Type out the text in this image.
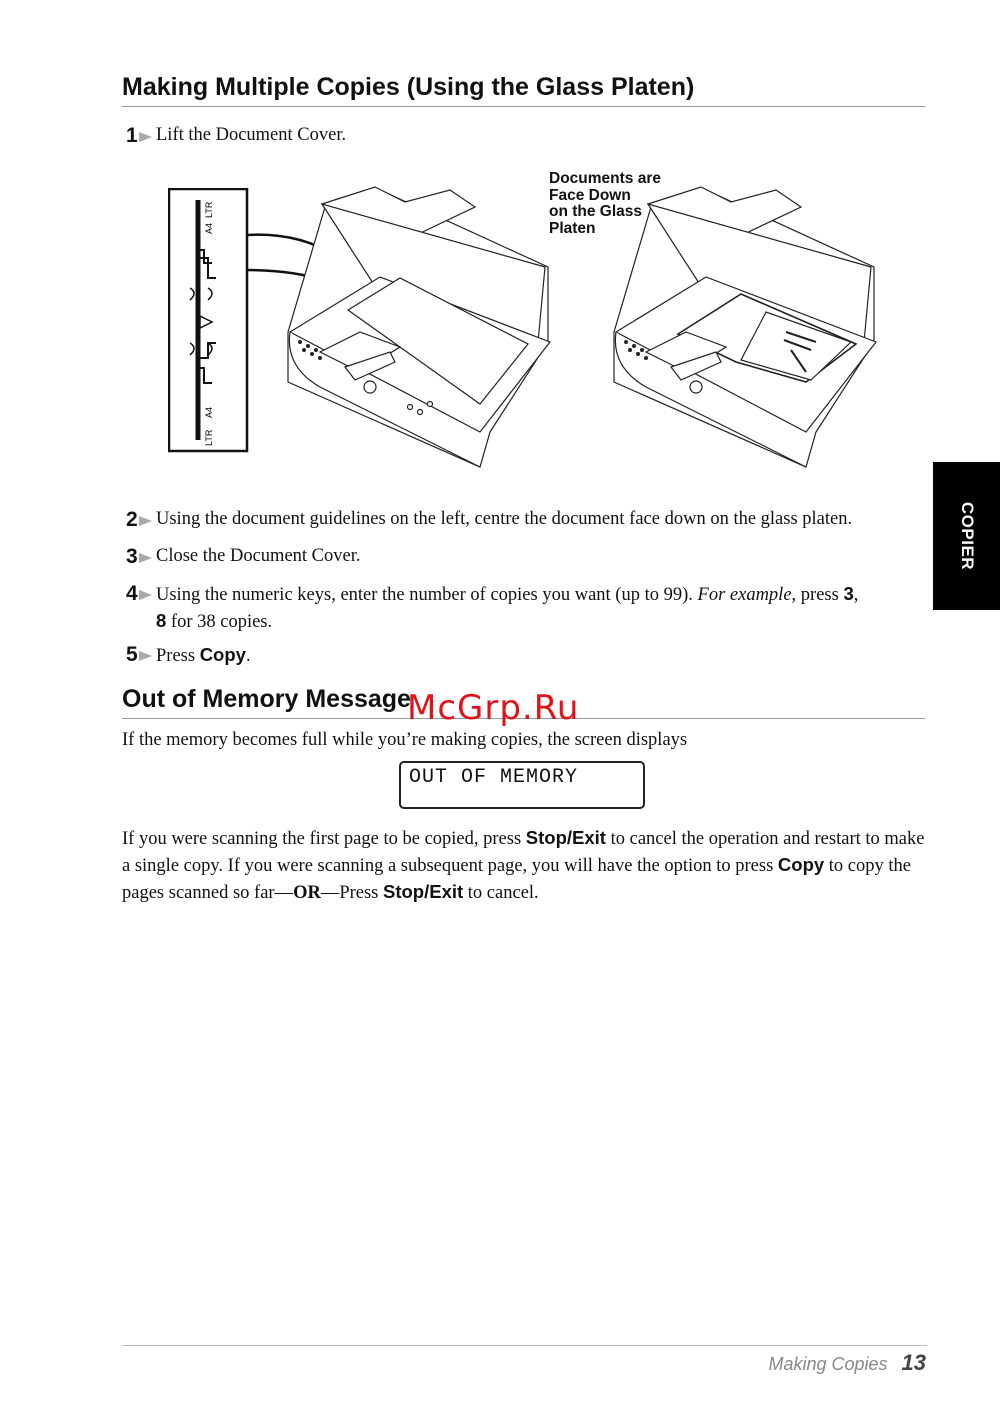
Making Multiple Copies (Using the Glass Platen)
1 Lift the Document Cover.
LTR
A4
A4
LTR
Documents are
Face Down
on the Glass
Platen
2 Using the document guidelines on the left, centre the document face down on the glass platen.
3 Close the Document Cover.
4 Using the numeric keys, enter the number of copies you want (up to 99). For example, press 3,
8 for 38 copies.
5 Press Copy.
Out of Memory Message
McGrp.Ru
If the memory becomes full while you’re making copies, the screen displays
OUT OF MEMORY
If you were scanning the first page to be copied, press Stop/Exit to cancel the operation and restart to make a single copy. If you were scanning a subsequent page, you will have the option to press Copy to copy the pages scanned so far—OR—Press Stop/Exit to cancel.
COPIER
Making Copies 13
